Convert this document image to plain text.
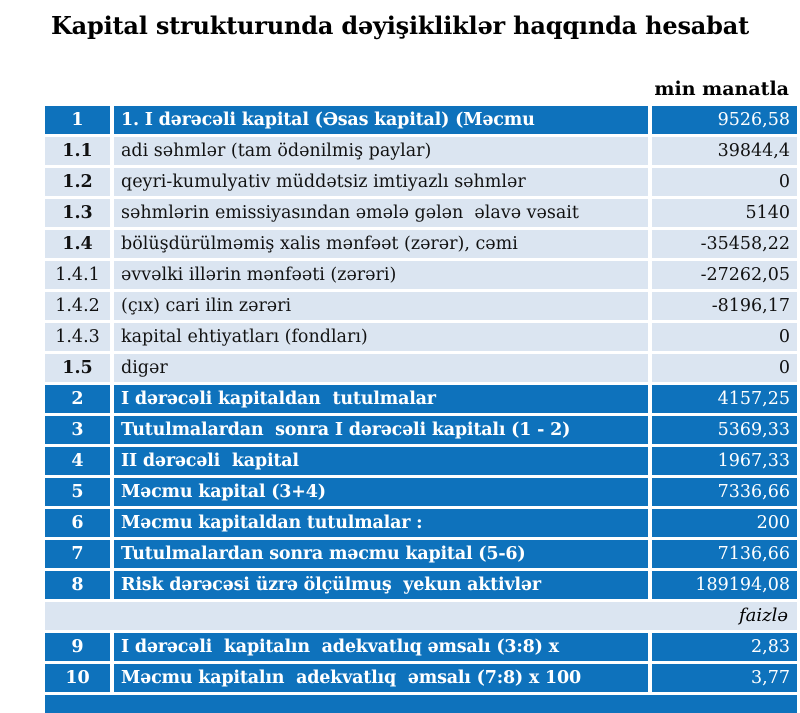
Kapital strukturunda dəyişikliklər haqqında hesabat
min manatla
1	1. I dərəcəli kapital (Əsas kapital) (Məcmu	9526,58
1.1	adi səhmlər (tam ödənilmiş paylar)	39844,4
1.2	qeyri-kumulyativ müddətsiz imtiyazlı səhmlər	0
1.3	səhmlərin emissiyasından əmələ gələn  əlavə vəsait	5140
1.4	bölüşdürülməmiş xalis mənfəət (zərər), cəmi	-35458,22
1.4.1	əvvəlki illərin mənfəəti (zərəri)	-27262,05
1.4.2	(çıx) cari ilin zərəri	-8196,17
1.4.3	kapital ehtiyatları (fondları)	0
1.5	digər	0
2	I dərəcəli kapitaldan  tutulmalar	4157,25
3	Tutulmalardan  sonra I dərəcəli kapitalı (1 - 2)	5369,33
4	II dərəcəli  kapital	1967,33
5	Məcmu kapital (3+4)	7336,66
6	Məcmu kapitaldan tutulmalar :	200
7	Tutulmalardan sonra məcmu kapital (5-6)	7136,66
8	Risk dərəcəsi üzrə ölçülmuş  yekun aktivlər	189194,08
faizlə
9	I dərəcəli  kapitalın  adekvatlıq əmsalı (3:8) x	2,83
10	Məcmu kapitalın  adekvatlıq  əmsalı (7:8) x 100	3,77
